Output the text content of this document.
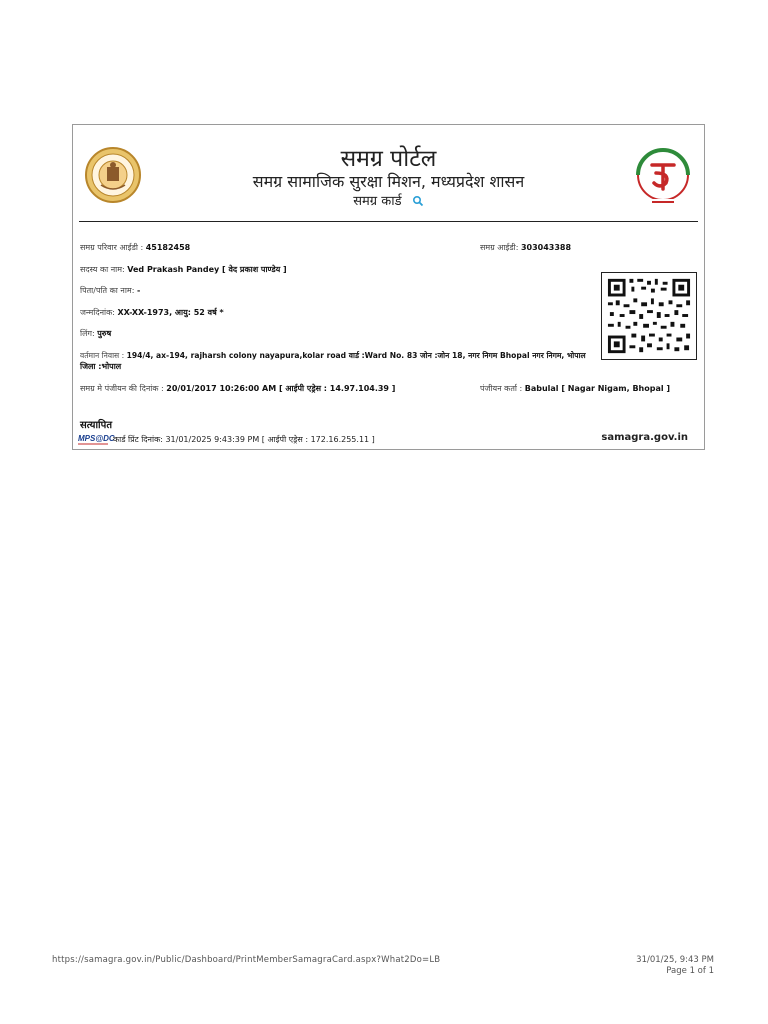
समग्र पोर्टल
समग्र सामाजिक सुरक्षा मिशन, मध्यप्रदेश शासन
समग्र कार्ड
समग्र परिवार आईडी : 45182458	समग्र आईडी: 303043388
सदस्य का नाम: Ved Prakash Pandey [ वेद प्रकाश पाण्डेय ]
पिता/पति का नाम: -
जन्मदिनांक: XX-XX-1973, आयु: 52 वर्ष *
लिंग: पुरुष
वर्तमान निवास : 194/4, ax-194, rajharsh colony nayapura,kolar road वार्ड :Ward No. 83 जोन :जोन 18, नगर निगम Bhopal नगर निगम, भोपाल
जिला :भोपाल
समग्र मे पंजीयन की दिनांक : 20/01/2017 10:26:00 AM [ आईपी एड्रेस : 14.97.104.39 ]	पंजीयन कर्ता : Babulal [ Nagar Nigam, Bhopal ]
सत्यापित
MPS@DC
कार्ड प्रिंट दिनांक: 31/01/2025 9:43:39 PM [ आईपी एड्रेस : 172.16.255.11 ]	samagra.gov.in
https://samagra.gov.in/Public/Dashboard/PrintMemberSamagraCard.aspx?What2Do=LB	31/01/25, 9:43 PM
Page 1 of 1
